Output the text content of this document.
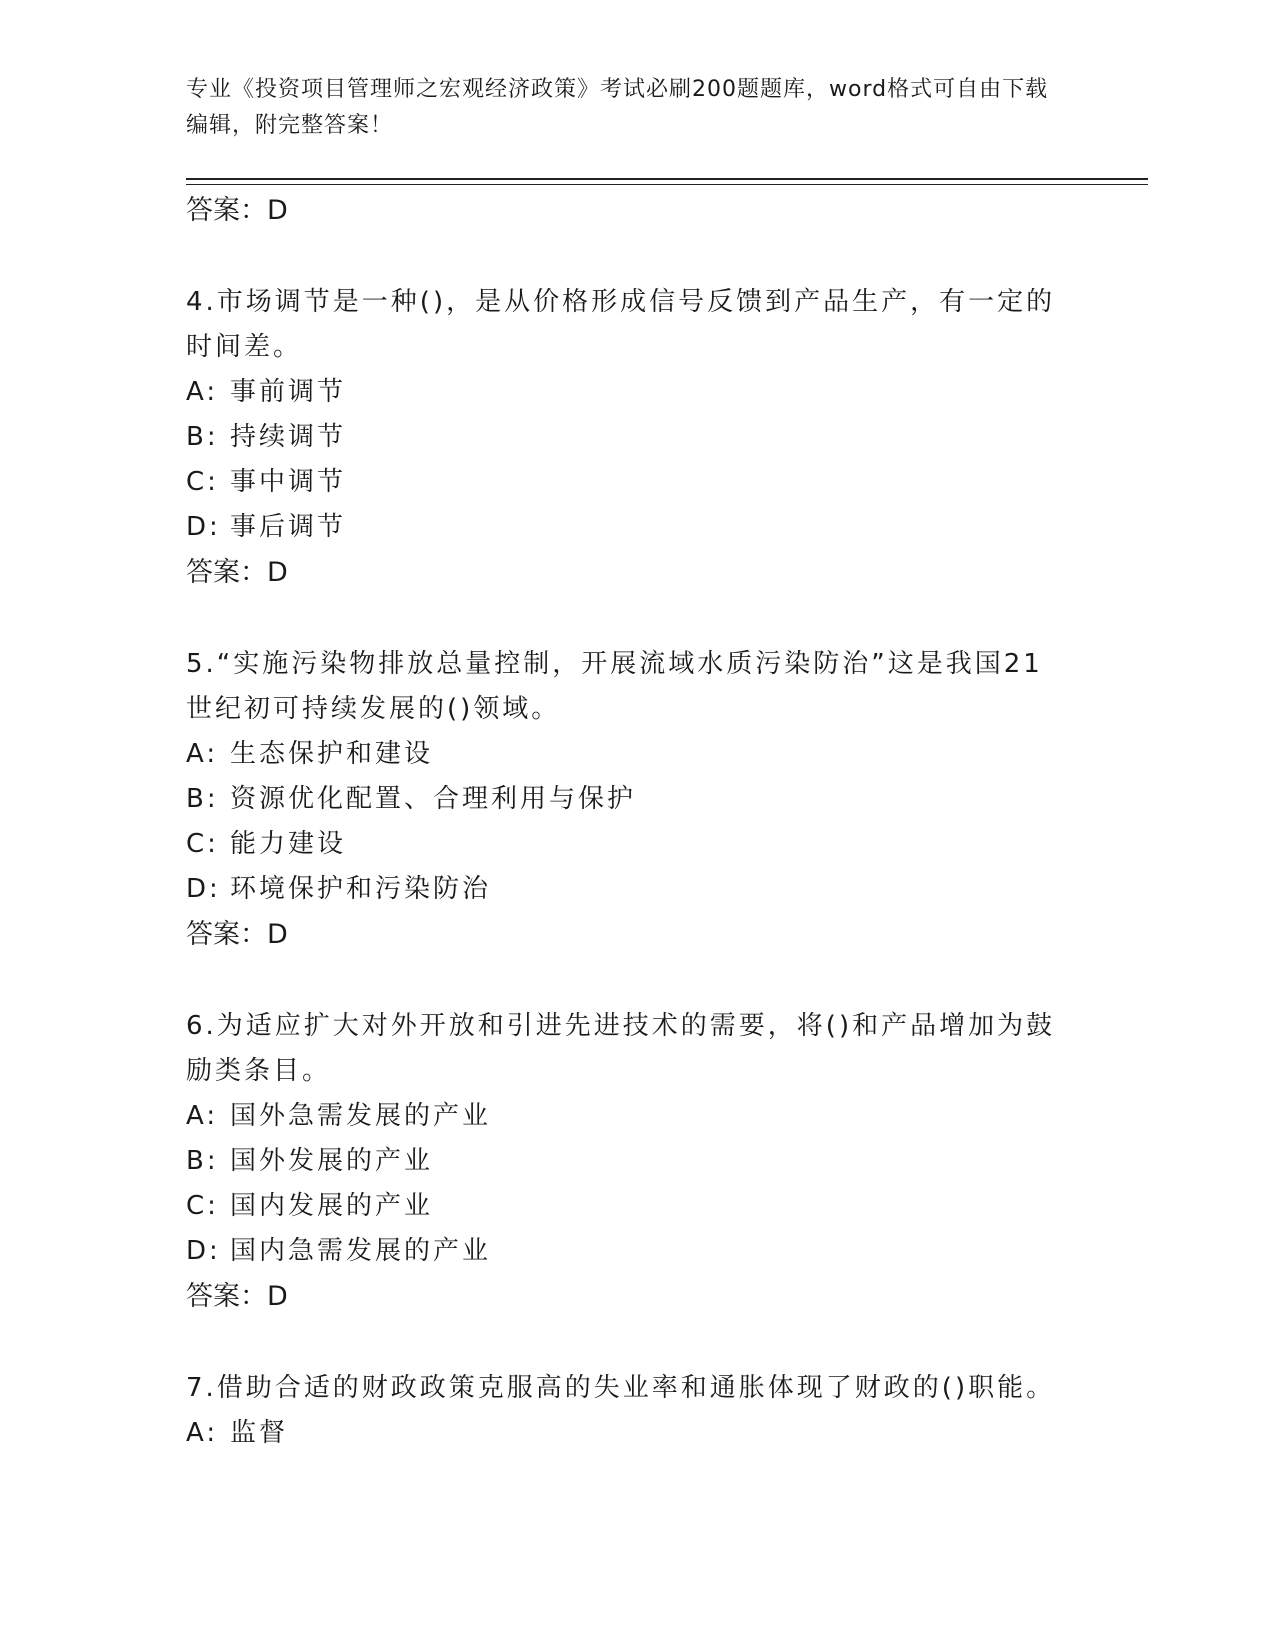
专业《投资项目管理师之宏观经济政策》考试必刷200题题库，word格式可自由下载编辑，附完整答案！

答案：D

4.市场调节是一种()，是从价格形成信号反馈到产品生产，有一定的时间差。

A: 事前调节

B: 持续调节

C: 事中调节

D: 事后调节

答案：D

5.“实施污染物排放总量控制，开展流域水质污染防治”这是我国21世纪初可持续发展的()领域。

A: 生态保护和建设

B: 资源优化配置、合理利用与保护

C: 能力建设

D: 环境保护和污染防治

答案：D

6.为适应扩大对外开放和引进先进技术的需要，将()和产品增加为鼓励类条目。

A: 国外急需发展的产业

B: 国外发展的产业

C: 国内发展的产业

D: 国内急需发展的产业

答案：D

7.借助合适的财政政策克服高的失业率和通胀体现了财政的()职能。

A: 监督
